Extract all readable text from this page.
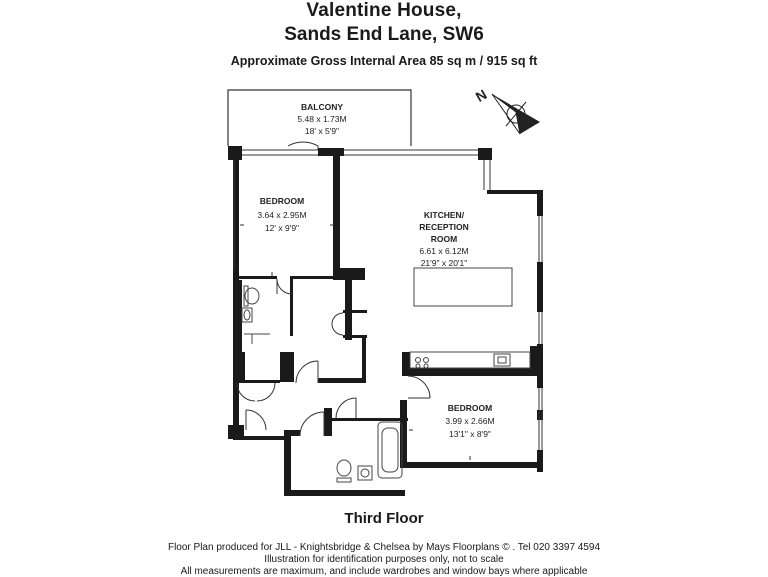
Valentine House,
Sands End Lane, SW6
Approximate Gross Internal Area 85 sq m / 915 sq ft
N
BALCONY
5.48 x 1.73M
18' x 5'9"
BEDROOM
3.64 x 2.95M
12' x 9'9"
KITCHEN/
RECEPTION
ROOM
6.61 x 6.12M
21'9" x 20'1"
BEDROOM
3.99 x 2.66M
13'1" x 8'9"
Third Floor
Floor Plan produced for JLL - Knightsbridge & Chelsea by Mays Floorplans © . Tel 020 3397 4594
Illustration for identification purposes only, not to scale
All measurements are maximum, and include wardrobes and window bays where applicable
